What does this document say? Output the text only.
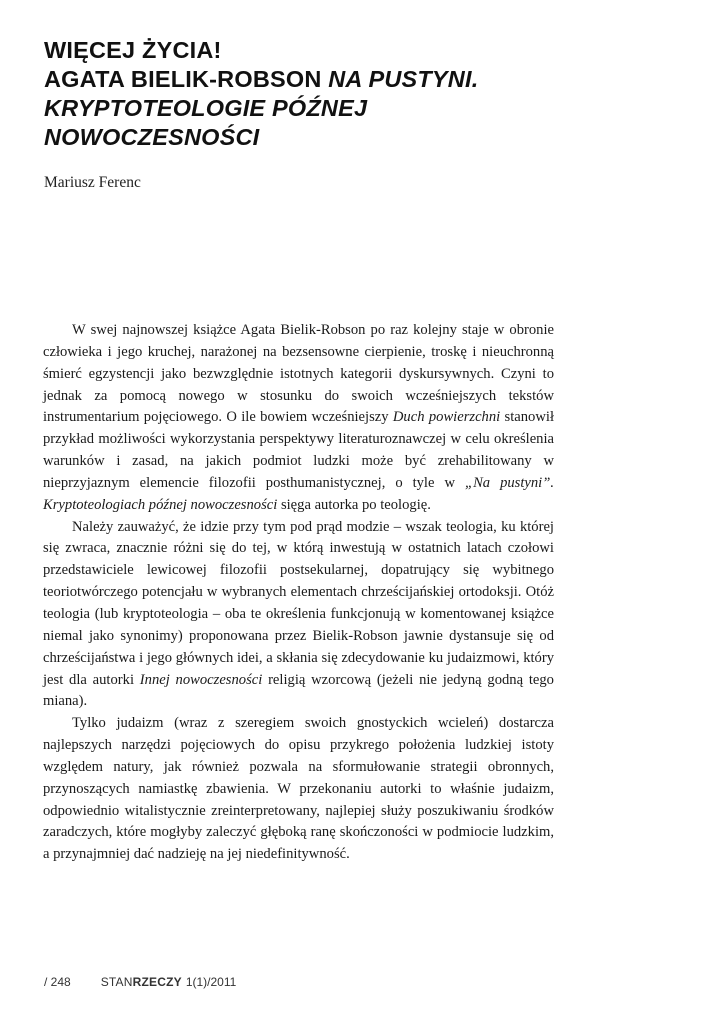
WIĘCEJ ŻYCIA!
AGATA BIELIK-ROBSON NA PUSTYNI.
KRYPTOTEOLOGIE PÓŹNEJ
NOWOCZESNOŚCI
Mariusz Ferenc

W swej najnowszej książce Agata Bielik-Robson po raz kolejny staje w obronie człowieka i jego kruchej, narażonej na bezsensowne cierpienie, troskę i nieuchronną śmierć egzystencji jako bezwzględnie istotnych kategorii dyskursywnych. Czyni to jednak za pomocą nowego w stosunku do swoich wcześniejszych tekstów instrumentarium pojęciowego. O ile bowiem wcześniejszy Duch powierzchni stanowił przykład możliwości wykorzystania perspektywy literaturoznawczej w celu określenia warunków i zasad, na jakich podmiot ludzki może być zrehabilitowany w nieprzyjaznym elemencie filozofii posthumanistycznej, o tyle w „Na pustyni”. Kryptoteologiach późnej nowoczesności sięga autorka po teologię.

Należy zauważyć, że idzie przy tym pod prąd modzie – wszak teologia, ku której się zwraca, znacznie różni się do tej, w którą inwestują w ostatnich latach czołowi przedstawiciele lewicowej filozofii postsekularnej, dopatrujący się wybitnego teoriotwórczego potencjału w wybranych elementach chrześcijańskiej ortodoksji. Otóż teologia (lub kryptoteologia – oba te określenia funkcjonują w komentowanej książce niemal jako synonimy) proponowana przez Bielik-Robson jawnie dystansuje się od chrześcijaństwa i jego głównych idei, a skłania się zdecydowanie ku judaizmowi, który jest dla autorki Innej nowoczesności religią wzorcową (jeżeli nie jedyną godną tego miana).

Tylko judaizm (wraz z szeregiem swoich gnostyckich wcieleń) dostarcza najlepszych narzędzi pojęciowych do opisu przykrego położenia ludzkiej istoty względem natury, jak również pozwala na sformułowanie strategii obronnych, przynoszących namiastkę zbawienia. W przekonaniu autorki to właśnie judaizm, odpowiednio witalistycznie zreinterpretowany, najlepiej służy poszukiwaniu środków zaradczych, które mogłyby zaleczyć głęboką ranę skończoności w podmiocie ludzkim, a przynajmniej dać nadzieję na jej niedefinitywność.

/ 248	STANRZECZY 1(1)/2011
